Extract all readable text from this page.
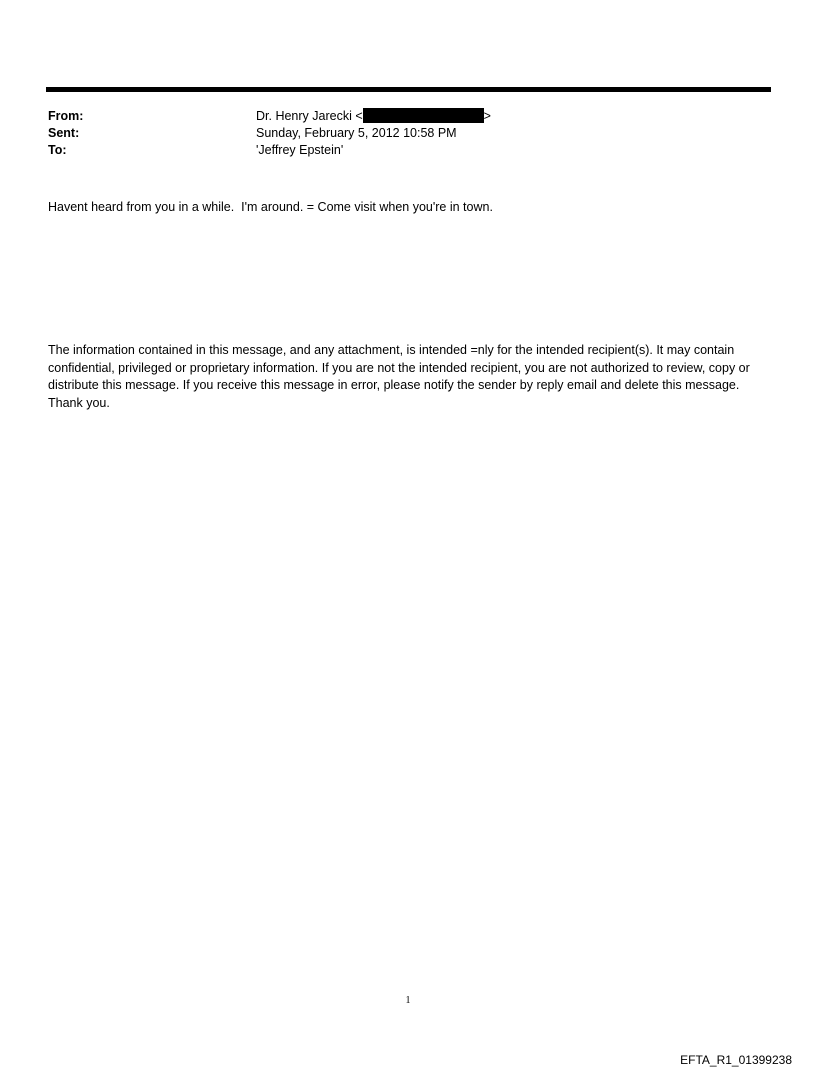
From:	Dr. Henry Jarecki <	>
Sent:	Sunday, February 5, 2012 10:58 PM
To:	'Jeffrey Epstein'
Havent heard from you in a while.  I'm around. = Come visit when you're in town.
The information contained in this message, and any attachment, is intended =nly for the intended recipient(s). It may contain confidential, privileged or proprietary information. If you are not the intended recipient, you are not authorized to review, copy or distribute this message. If you receive this message in error, please notify the sender by reply email and delete this message. Thank you.
1
EFTA_R1_01399238
